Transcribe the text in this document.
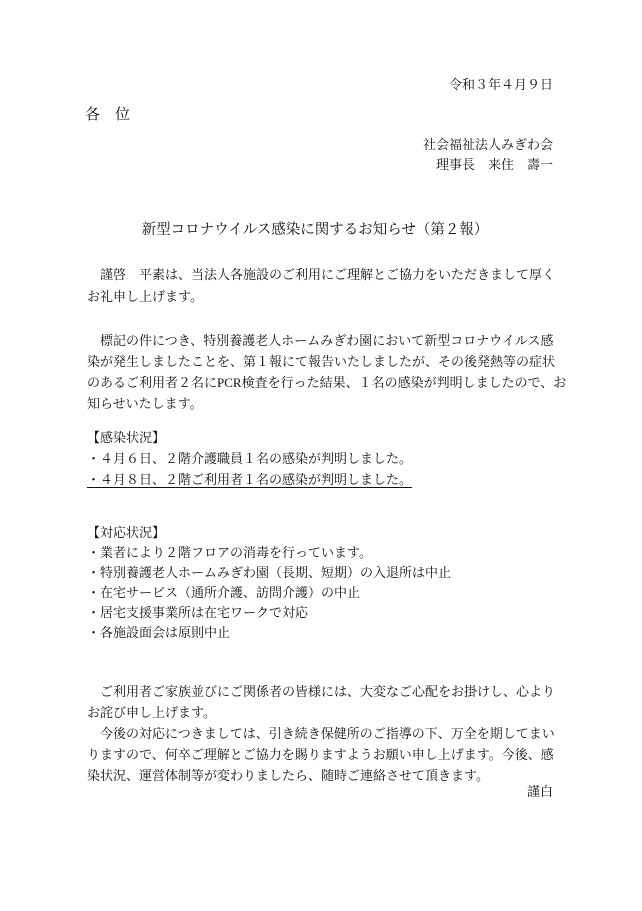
令和３年４月９日
各　位
社会福祉法人みぎわ会
理事長　来住　壽一
新型コロナウイルス感染に関するお知らせ（第２報）
謹啓　平素は、当法人各施設のご利用にご理解とご協力をいただきまして厚く
お礼申し上げます。
標記の件につき、特別養護老人ホームみぎわ園において新型コロナウイルス感
染が発生しましたことを、第１報にて報告いたしましたが、その後発熱等の症状
のあるご利用者２名にPCR検査を行った結果、１名の感染が判明しましたので、お
知らせいたします。
【感染状況】
・４月６日、２階介護職員１名の感染が判明しました。
・４月８日、２階ご利用者１名の感染が判明しました。
【対応状況】
・業者により２階フロアの消毒を行っています。
・特別養護老人ホームみぎわ園（長期、短期）の入退所は中止
・在宅サービス（通所介護、訪問介護）の中止
・居宅支援事業所は在宅ワークで対応
・各施設面会は原則中止
ご利用者ご家族並びにご関係者の皆様には、大変なご心配をお掛けし、心より
お詫び申し上げます。
今後の対応につきましては、引き続き保健所のご指導の下、万全を期してまい
りますので、何卒ご理解とご協力を賜りますようお願い申し上げます。今後、感
染状況、運営体制等が変わりましたら、随時ご連絡させて頂きます。
謹白
